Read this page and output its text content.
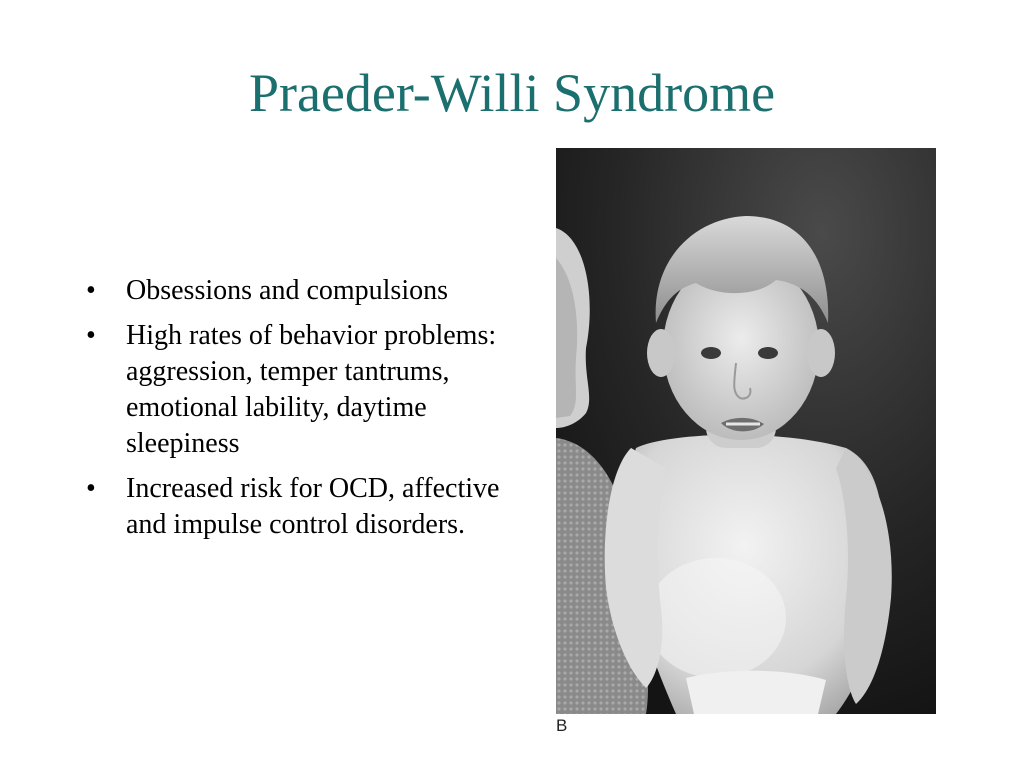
Praeder-Willi Syndrome
• Obsessions and compulsions
• High rates of behavior problems: aggression, temper tantrums, emotional lability, daytime sleepiness
• Increased risk for OCD, affective and impulse control disorders.
B
